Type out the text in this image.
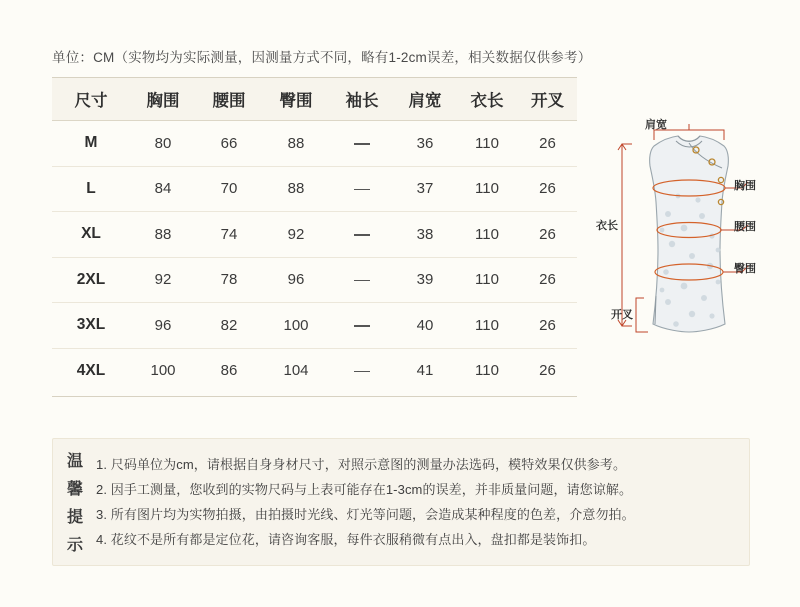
单位：CM（实物均为实际测量，因测量方式不同，略有1-2cm误差，相关数据仅供参考）
尺寸	胸围	腰围	臀围	袖长	肩宽	衣长	开叉
M	80	66	88		36	110	26
L	84	70	88		37	110	26
XL	88	74	92		38	110	26
2XL	92	78	96		39	110	26
3XL	96	82	100		40	110	26
4XL	100	86	104		41	110	26
肩宽
胸围
腰围
臀围
衣长
开叉
温
馨
提
示
1. 尺码单位为cm，请根据自身身材尺寸，对照示意图的测量办法选码，模特效果仅供参考。
2. 因手工测量，您收到的实物尺码与上表可能存在1-3cm的误差，并非质量问题，请您谅解。
3. 所有图片均为实物拍摄，由拍摄时光线、灯光等问题，会造成某种程度的色差，介意勿拍。
4. 花纹不是所有都是定位花，请咨询客服，每件衣服稍微有点出入，盘扣都是装饰扣。
